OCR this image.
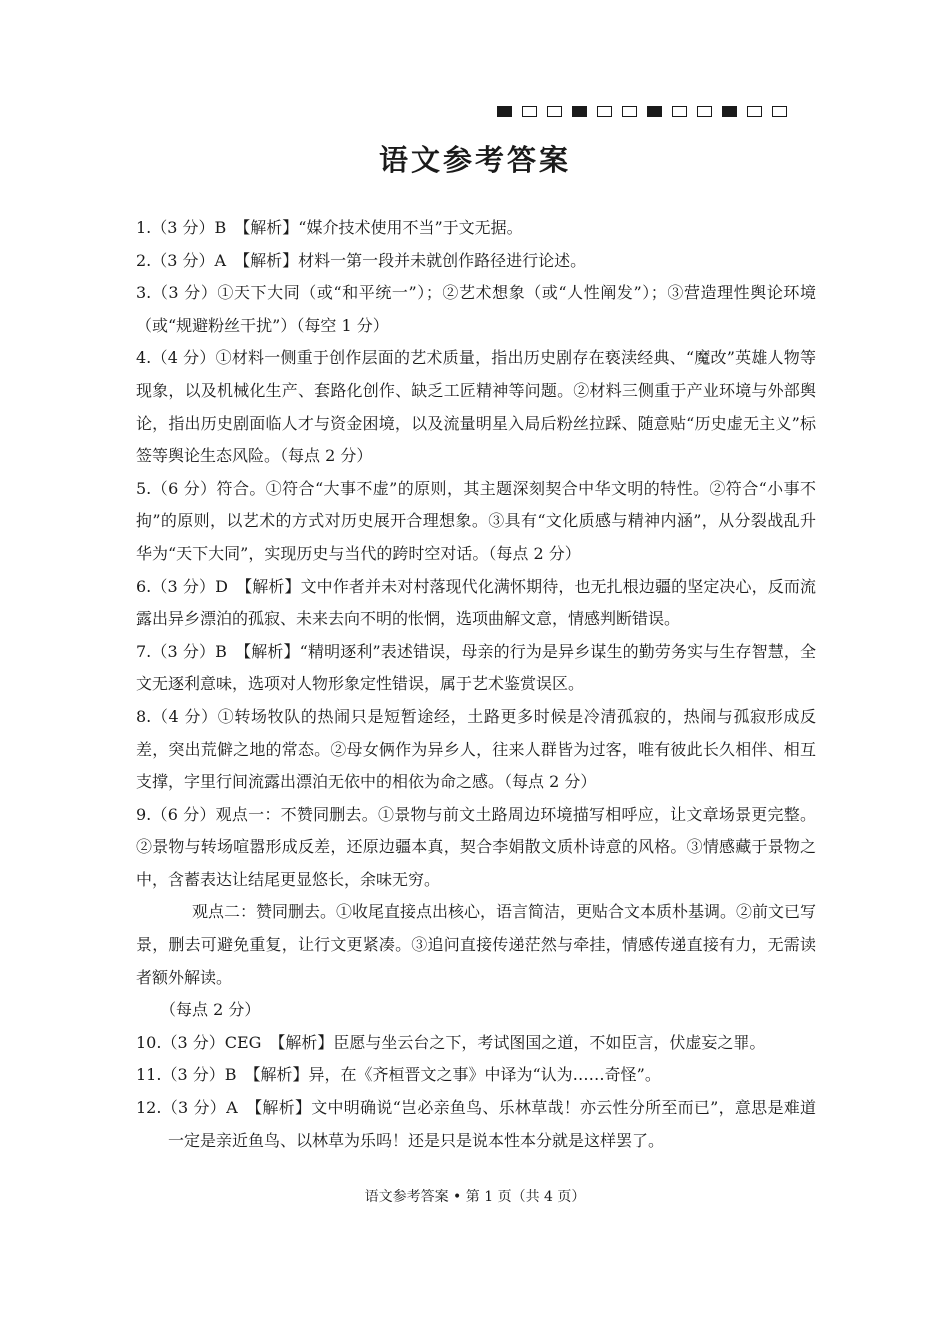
语文参考答案
1.（3 分）B　【解析】“媒介技术使用不当”于文无据。
2.（3 分）A　【解析】材料一第一段并未就创作路径进行论述。
3.（3 分）①天下大同（或“和平统一”）；②艺术想象（或“人性阐发”）；③营造理性舆论环境（或“规避粉丝干扰”）（每空 1 分）
4.（4 分）①材料一侧重于创作层面的艺术质量，指出历史剧存在亵渎经典、“魔改”英雄人物等现象，以及机械化生产、套路化创作、缺乏工匠精神等问题。②材料三侧重于产业环境与外部舆论，指出历史剧面临人才与资金困境，以及流量明星入局后粉丝拉踩、随意贴“历史虚无主义”标签等舆论生态风险。（每点 2 分）
5.（6 分）符合。①符合“大事不虚”的原则，其主题深刻契合中华文明的特性。②符合“小事不拘”的原则，以艺术的方式对历史展开合理想象。③具有“文化质感与精神内涵”，从分裂战乱升华为“天下大同”，实现历史与当代的跨时空对话。（每点 2 分）
6.（3 分）D　【解析】文中作者并未对村落现代化满怀期待，也无扎根边疆的坚定决心，反而流露出异乡漂泊的孤寂、未来去向不明的怅惘，选项曲解文意，情感判断错误。
7.（3 分）B　【解析】“精明逐利”表述错误，母亲的行为是异乡谋生的勤劳务实与生存智慧，全文无逐利意味，选项对人物形象定性错误，属于艺术鉴赏误区。
8.（4 分）①转场牧队的热闹只是短暂途经，土路更多时候是冷清孤寂的，热闹与孤寂形成反差，突出荒僻之地的常态。②母女俩作为异乡人，往来人群皆为过客，唯有彼此长久相伴、相互支撑，字里行间流露出漂泊无依中的相依为命之感。（每点 2 分）
9.（6 分）观点一：不赞同删去。①景物与前文土路周边环境描写相呼应，让文章场景更完整。②景物与转场喧嚣形成反差，还原边疆本真，契合李娟散文质朴诗意的风格。③情感藏于景物之中，含蓄表达让结尾更显悠长，余味无穷。
观点二：赞同删去。①收尾直接点出核心，语言简洁，更贴合文本质朴基调。②前文已写景，删去可避免重复，让行文更紧凑。③追问直接传递茫然与牵挂，情感传递直接有力，无需读者额外解读。
（每点 2 分）
10.（3 分）CEG　【解析】臣愿与坐云台之下，考试图国之道，不如臣言，伏虚妄之罪。
11.（3 分）B　【解析】异，在《齐桓晋文之事》中译为“认为……奇怪”。
12.（3 分）A　【解析】文中明确说“岂必亲鱼鸟、乐林草哉！亦云性分所至而已”，意思是难道一定是亲近鱼鸟、以林草为乐吗！还是只是说本性本分就是这样罢了。
语文参考答案 • 第 1 页（共 4 页）
